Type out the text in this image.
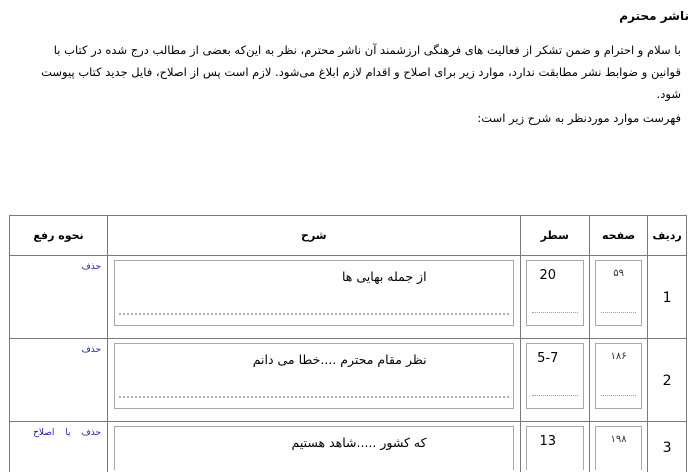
ناشر محترم
با سلام و احترام و ضمن تشکر از فعالیت های فرهنگی ارزشمند آن ناشر محترم، نظر به این‌که بعضی از مطالب درج شده در کتاب با
قوانین و ضوابط نشر مطابقت ندارد، موارد زیر برای اصلاح و اقدام لازم ابلاغ می‌شود. لازم است پس از اصلاح، فایل جدید کتاب پیوست
شود.
فهرست موارد موردنظر به شرح زیر است:
ردیف	صفحه	سطر	شرح	نحوه رفع

1	۵۹	20	از جمله بهایی ها	حذف

2	۱۸۶	5-7	نظر مقام محترم ....خطا می دانم	حذف

3	۱۹۸	13	که کشور .....شاهد هستیم	حذف یا اصلاح
